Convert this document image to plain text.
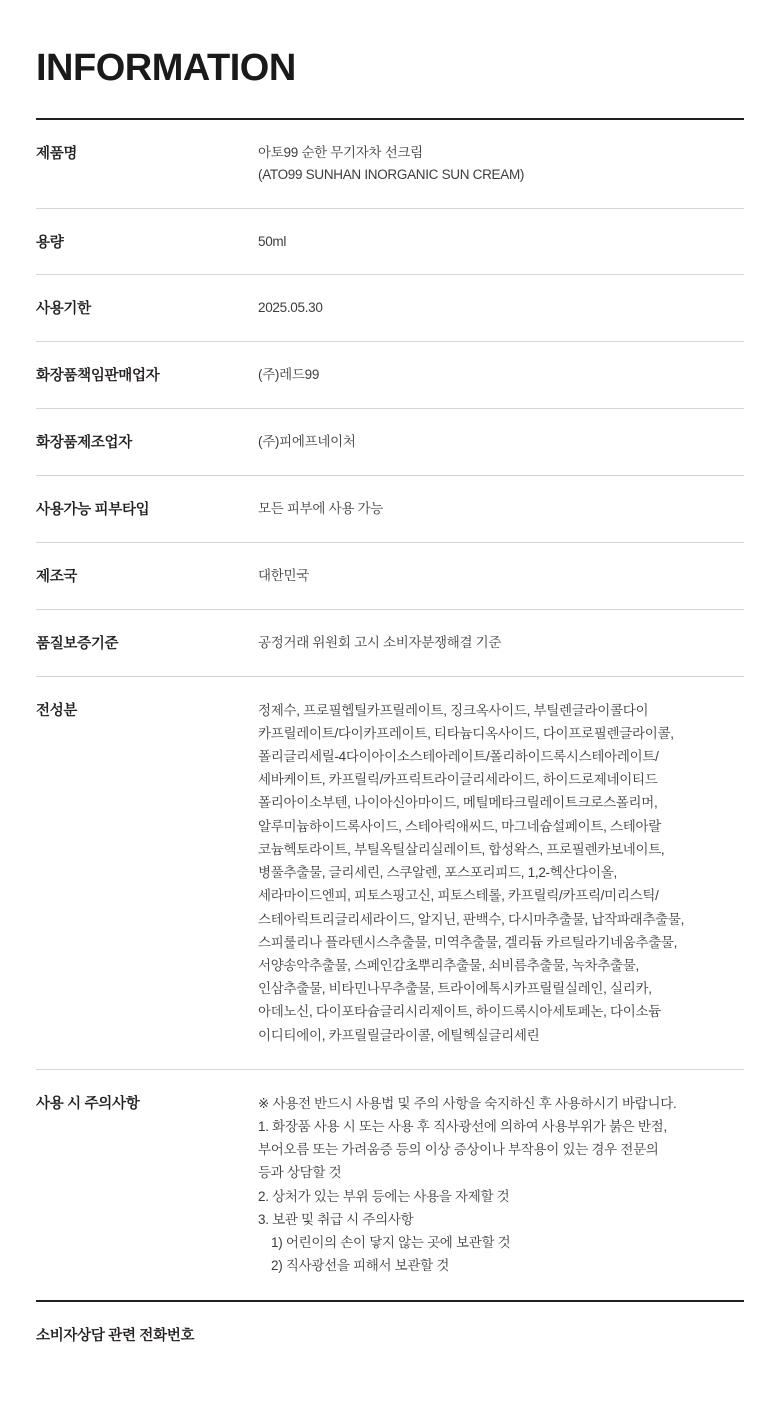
INFORMATION
제품명	아토99 순한 무기자차 선크림
(ATO99 SUNHAN INORGANIC SUN CREAM)

용량	50ml

사용기한	2025.05.30

화장품책임판매업자	(주)레드99

화장품제조업자	(주)피에프네이처

사용가능 피부타입	모든 피부에 사용 가능

제조국	대한민국

품질보증기준	공정거래 위원회 고시 소비자분쟁해결 기준

전성분	정제수, 프로필헵틸카프릴레이트, 징크옥사이드, 부틸렌글라이콜다이
카프릴레이트/다이카프레이트, 티타늄디옥사이드, 다이프로필렌글라이콜,
폴리글리세릴-4다이아이소스테아레이트/폴리하이드록시스테아레이트/
세바케이트, 카프릴릭/카프릭트라이글리세라이드, 하이드로제네이티드
폴리아이소부텐, 나이아신아마이드, 메틸메타크릴레이트크로스폴리머,
알루미늄하이드록사이드, 스테아릭애씨드, 마그네슘설페이트, 스테아랄
코늄헥토라이트, 부틸옥틸살리실레이트, 합성왁스, 프로필렌카보네이트,
병풀추출물, 글리세린, 스쿠알렌, 포스포리피드, 1,2-헥산다이올,
세라마이드엔피, 피토스핑고신, 피토스테롤, 카프릴릭/카프릭/미리스틱/
스테아릭트리글리세라이드, 알지닌, 판백수, 다시마추출물, 납작파래추출물,
스피룰리나 플라텐시스추출물, 미역추출물, 겔리듐 카르틸라기네움추출물,
서양송악추출물, 스페인감초뿌리추출물, 쇠비름추출물, 녹차추출물,
인삼추출물, 비타민나무추출물, 트라이에톡시카프릴릴실레인, 실리카,
아데노신, 다이포타슘글리시리제이트, 하이드록시아세토페논, 다이소듐
이디티에이, 카프릴릴글라이콜, 에틸헥실글리세린

사용 시 주의사항	※ 사용전 반드시 사용법 및 주의 사항을 숙지하신 후 사용하시기 바랍니다.
1. 화장품 사용 시 또는 사용 후 직사광선에 의하여 사용부위가 붉은 반점,
부어오름 또는 가려움증 등의 이상 증상이나 부작용이 있는 경우 전문의
등과 상담할 것
2. 상처가 있는 부위 등에는 사용을 자제할 것
3. 보관 및 취급 시 주의사항
1) 어린이의 손이 닿지 않는 곳에 보관할 것
2) 직사광선을 피해서 보관할 것

소비자상담 관련 전화번호	
